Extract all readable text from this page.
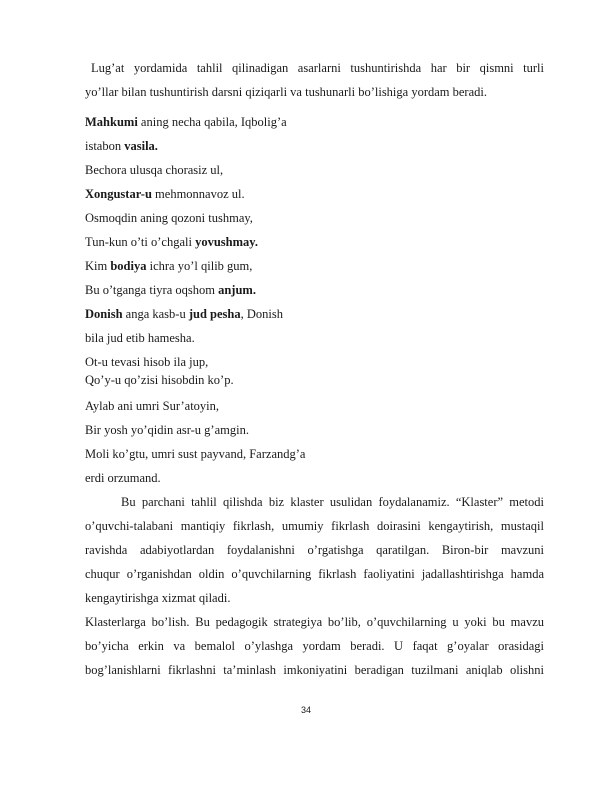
Lug’at yordamida tahlil qilinadigan asarlarni tushuntirishda har bir qismni turli
yo’llar bilan tushuntirish darsni qiziqarli va tushunarli bo’lishiga yordam beradi.
Mahkumi aning necha qabila, Iqbolig’a
istabon vasila.
Bechora ulusqa chorasiz ul,
Xongustar-u mehmonnavoz ul.
Osmoqdin aning qozoni tushmay,
Tun-kun o’ti o’chgali yovushmay.
Kim bodiya ichra yo’l qilib gum,
Bu o’tganga tiyra oqshom anjum.
Donish anga kasb-u jud pesha, Donish
bila jud etib hamesha.
Ot-u tevasi hisob ila jup,
Qo’y-u qo’zisi hisobdin ko’p.
Aylab ani umri Sur’atoyin,
Bir yosh yo’qidin asr-u g’amgin.
Moli ko’gtu, umri sust payvand, Farzandg’a
erdi orzumand.
Bu parchani tahlil qilishda biz klaster usulidan foydalanamiz. “Klaster” metodi
o’quvchi-talabani mantiqiy fikrlash, umumiy fikrlash doirasini kengaytirish, mustaqil
ravishda adabiyotlardan foydalanishni o’rgatishga qaratilgan. Biron-bir mavzuni
chuqur o’rganishdan oldin o’quvchilarning fikrlash faoliyatini jadallashtirishga hamda
kengaytirishga xizmat qiladi.
Klasterlarga bo’lish. Bu pedagogik strategiya bo’lib, o’quvchilarning u yoki bu mavzu
bo’yicha erkin va bemalol o’ylashga yordam beradi. U faqat g’oyalar orasidagi
bog’lanishlarni fikrlashni ta’minlash imkoniyatini beradigan tuzilmani aniqlab olishni
34
